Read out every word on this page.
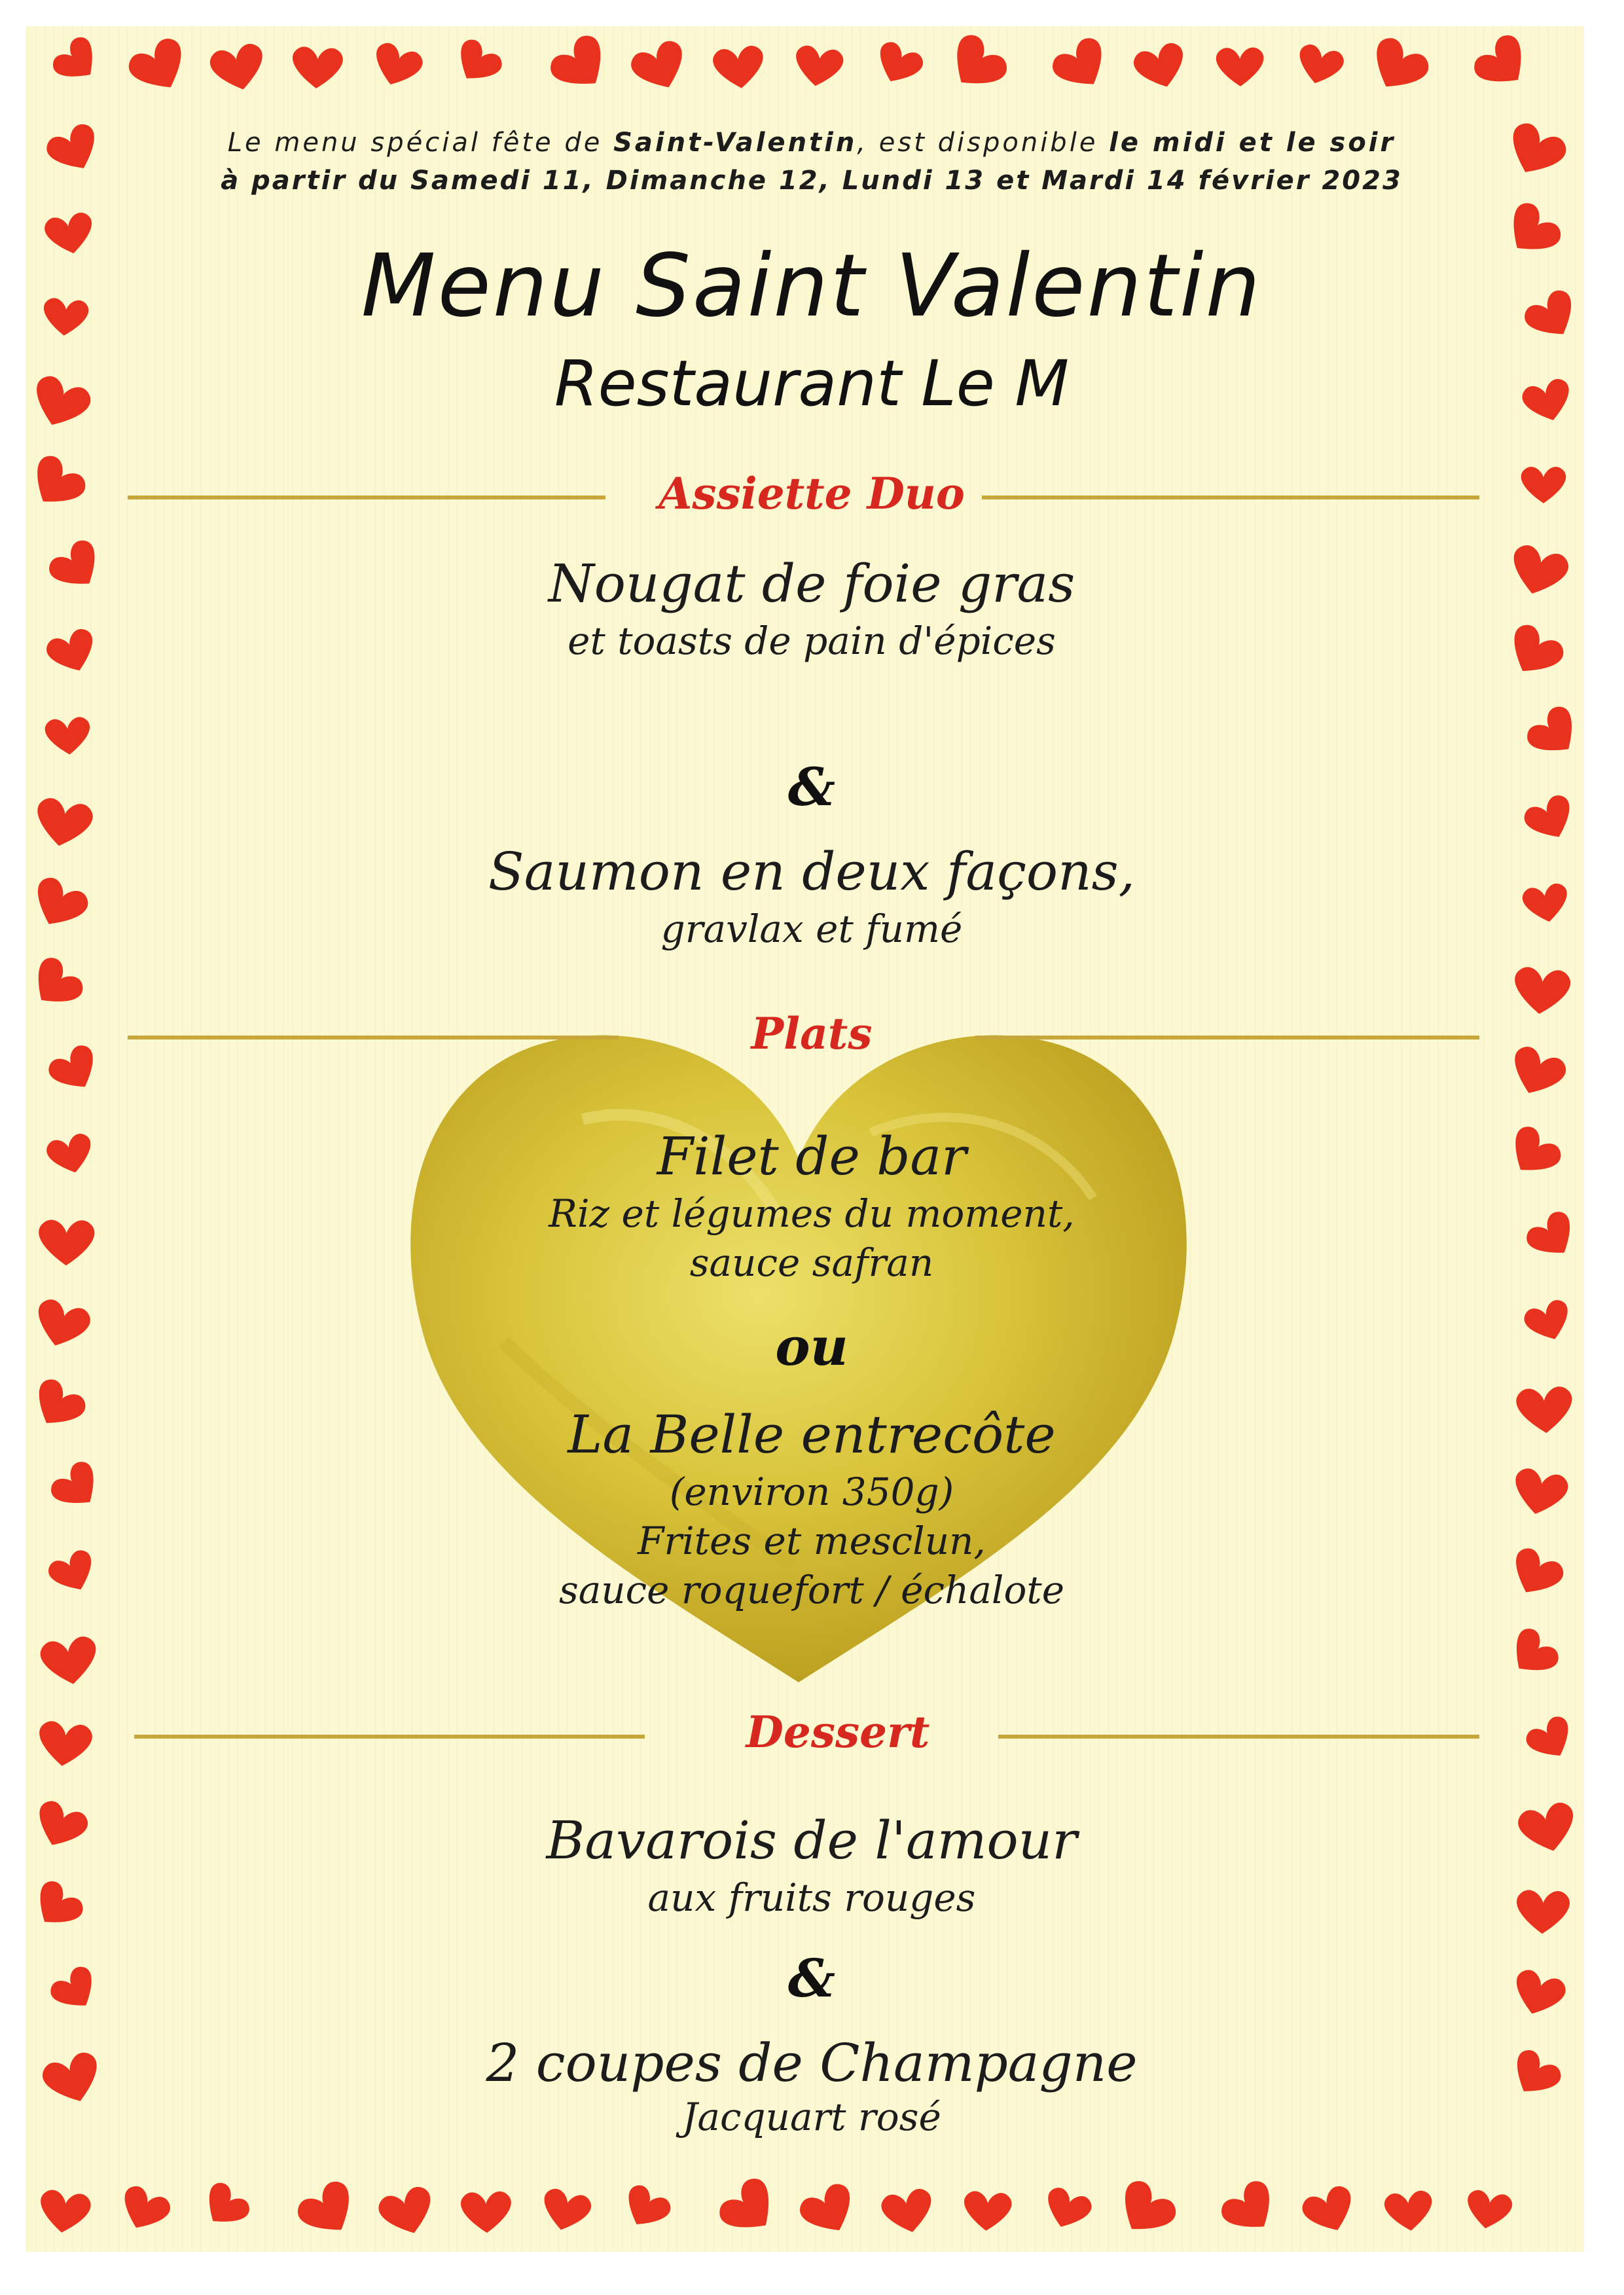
Le menu spécial fête de Saint-Valentin, est disponible le midi et le soir
à partir du Samedi 11, Dimanche 12, Lundi 13 et Mardi 14 février 2023
Menu Saint Valentin
Restaurant Le M
Assiette Duo
Nougat de foie gras
et toasts de pain d'épices
&
Saumon en deux façons,
gravlax et fumé
Plats
Filet de bar
Riz et légumes du moment,
sauce safran
ou
La Belle entrecôte
(environ 350g)
Frites et mesclun,
sauce roquefort / échalote
Dessert
Bavarois de l'amour
aux fruits rouges
&
2 coupes de Champagne
Jacquart rosé
